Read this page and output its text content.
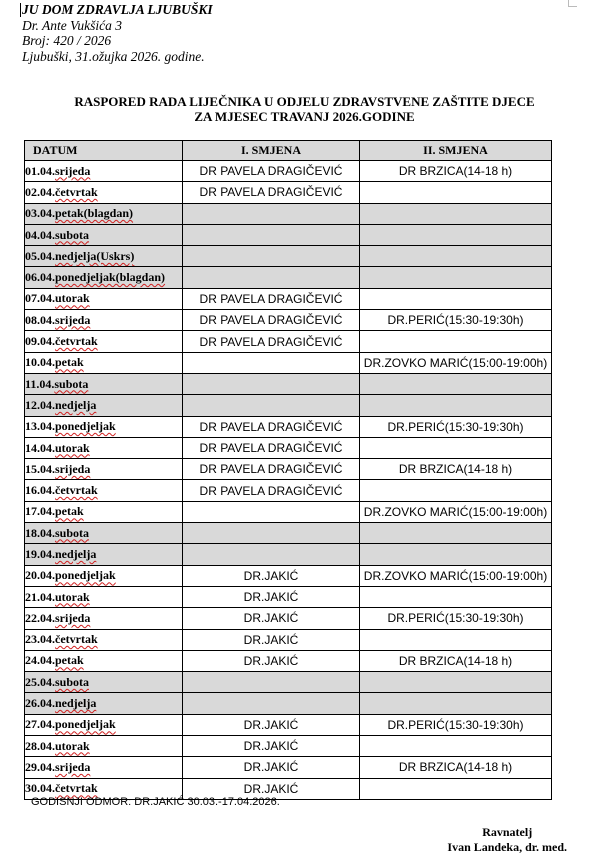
JU DOM ZDRAVLJA LJUBUŠKI
Dr. Ante Vukšića 3
Broj: 420 / 2026
Ljubuški, 31.ožujka 2026. godine.
RASPORED RADA LIJEČNIKA U ODJELU ZDRAVSTVENE ZAŠTITE DJECE
ZA MJESEC TRAVANJ 2026.GODINE
DATUM	I. SMJENA	II. SMJENA
01.04.srijeda	DR PAVELA DRAGIČEVIĆ	DR BRZICA(14-18 h)
02.04.četvrtak	DR PAVELA DRAGIČEVIĆ	
03.04.petak(blagdan)		
04.04.subota		
05.04.nedjelja(Uskrs)		
06.04.ponedjeljak(blagdan)		
07.04.utorak	DR PAVELA DRAGIČEVIĆ	
08.04.srijeda	DR PAVELA DRAGIČEVIĆ	DR.PERIĆ(15:30-19:30h)
09.04.četvrtak	DR PAVELA DRAGIČEVIĆ	
10.04.petak		DR.ZOVKO MARIĆ(15:00-19:00h)
11.04.subota		
12.04.nedjelja		
13.04.ponedjeljak	DR PAVELA DRAGIČEVIĆ	DR.PERIĆ(15:30-19:30h)
14.04.utorak	DR PAVELA DRAGIČEVIĆ	
15.04.srijeda	DR PAVELA DRAGIČEVIĆ	DR BRZICA(14-18 h)
16.04.četvrtak	DR PAVELA DRAGIČEVIĆ	
17.04.petak		DR.ZOVKO MARIĆ(15:00-19:00h)
18.04.subota		
19.04.nedjelja		
20.04.ponedjeljak	DR.JAKIĆ	DR.ZOVKO MARIĆ(15:00-19:00h)
21.04.utorak	DR.JAKIĆ	
22.04.srijeda	DR.JAKIĆ	DR.PERIĆ(15:30-19:30h)
23.04.četvrtak	DR.JAKIĆ	
24.04.petak	DR.JAKIĆ	DR BRZICA(14-18 h)
25.04.subota		
26.04.nedjelja		
27.04.ponedjeljak	DR.JAKIĆ	DR.PERIĆ(15:30-19:30h)
28.04.utorak	DR.JAKIĆ	
29.04.srijeda	DR.JAKIĆ	DR BRZICA(14-18 h)
30.04.četvrtak	DR.JAKIĆ	
GODISNJI ODMOR: DR.JAKIĆ 30.03.-17.04.2026.
Ravnatelj
Ivan Landeka, dr. med.
